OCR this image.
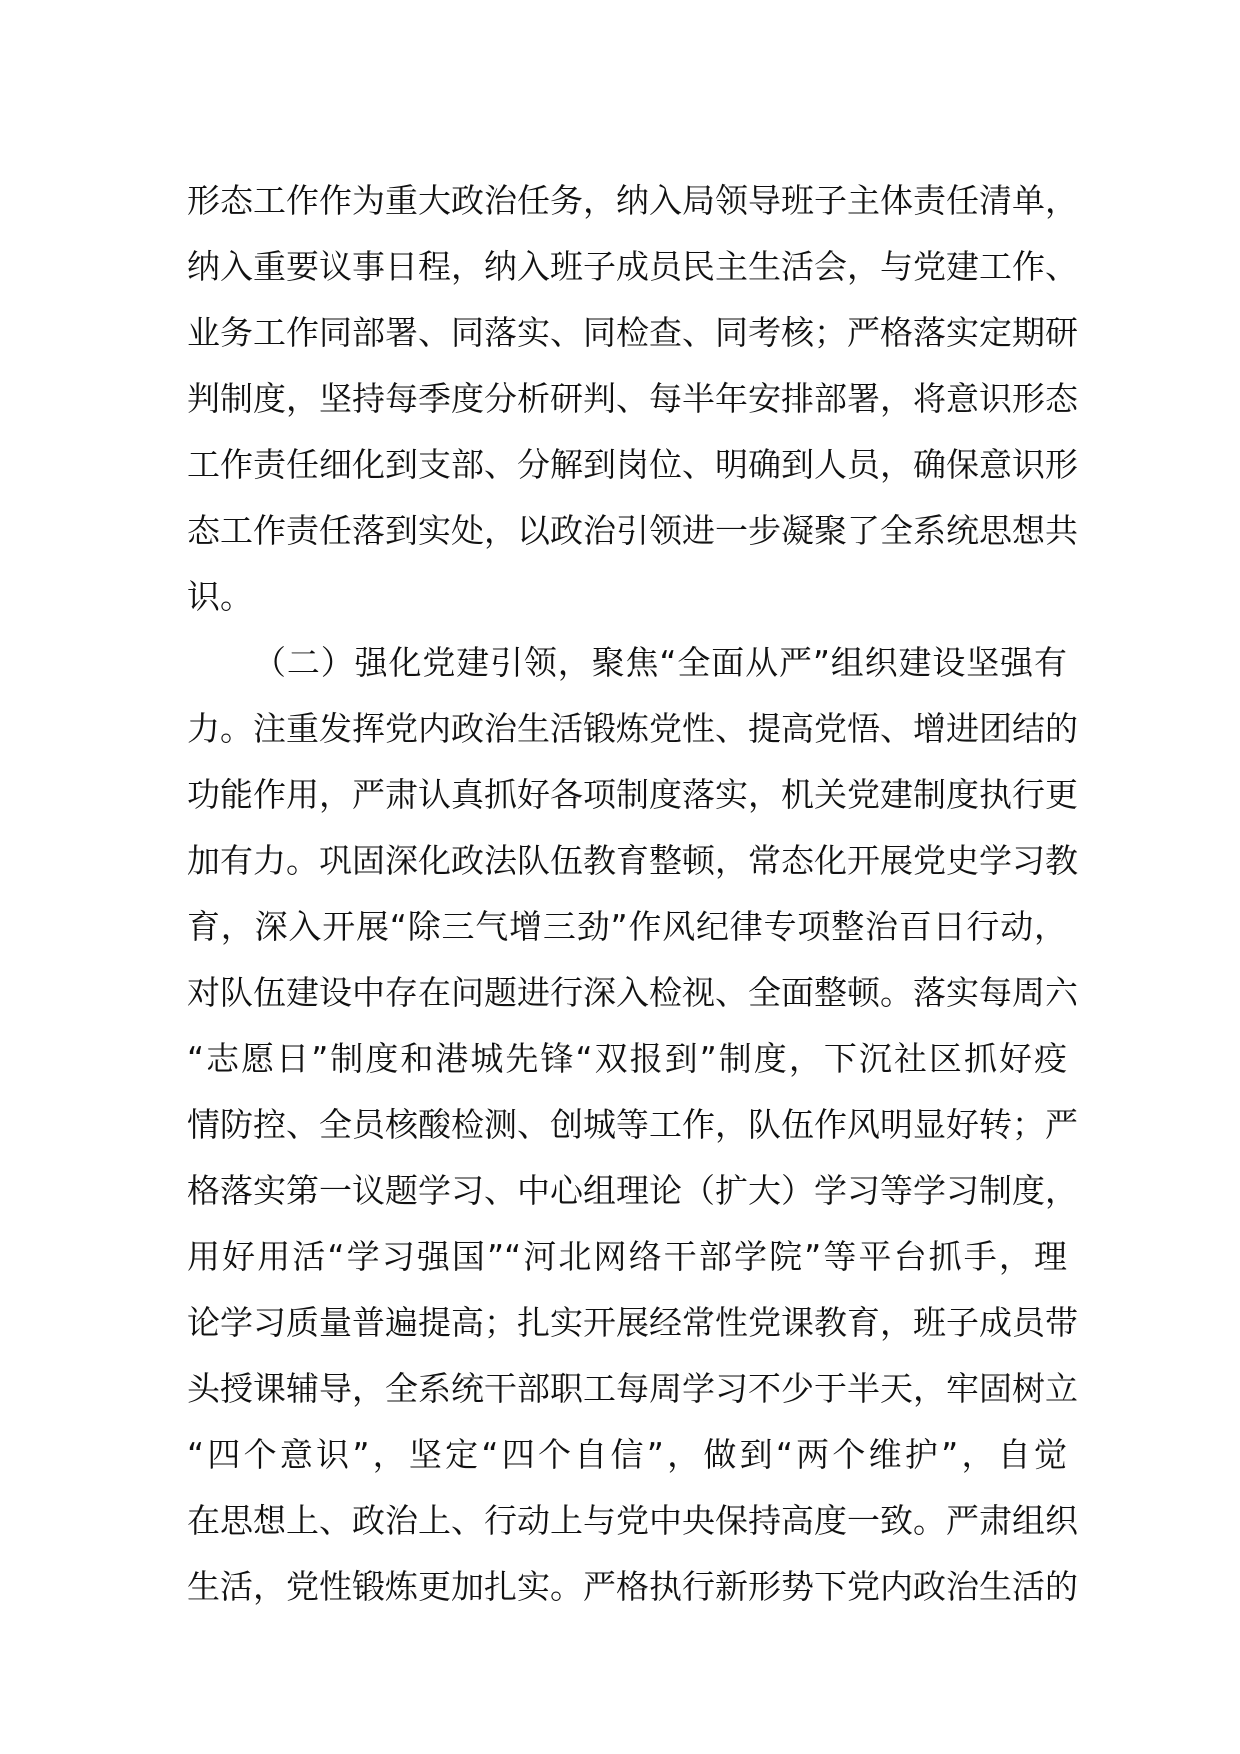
形态工作作为重大政治任务，纳入局领导班子主体责任清单，
纳入重要议事日程，纳入班子成员民主生活会，与党建工作、
业务工作同部署、同落实、同检查、同考核；严格落实定期研
判制度，坚持每季度分析研判、每半年安排部署，将意识形态
工作责任细化到支部、分解到岗位、明确到人员，确保意识形
态工作责任落到实处，以政治引领进一步凝聚了全系统思想共
识。
（二）强化党建引领，聚焦“全面从严”组织建设坚强有
力。注重发挥党内政治生活锻炼党性、提高党悟、增进团结的
功能作用，严肃认真抓好各项制度落实，机关党建制度执行更
加有力。巩固深化政法队伍教育整顿，常态化开展党史学习教
育，深入开展“除三气增三劲”作风纪律专项整治百日行动，
对队伍建设中存在问题进行深入检视、全面整顿。落实每周六
“志愿日”制度和港城先锋“双报到”制度，下沉社区抓好疫
情防控、全员核酸检测、创城等工作，队伍作风明显好转；严
格落实第一议题学习、中心组理论（扩大）学习等学习制度，
用好用活“学习强国”“河北网络干部学院”等平台抓手，理
论学习质量普遍提高；扎实开展经常性党课教育，班子成员带
头授课辅导，全系统干部职工每周学习不少于半天，牢固树立
“四个意识”，坚定“四个自信”，做到“两个维护”，自觉
在思想上、政治上、行动上与党中央保持高度一致。严肃组织
生活，党性锻炼更加扎实。严格执行新形势下党内政治生活的
